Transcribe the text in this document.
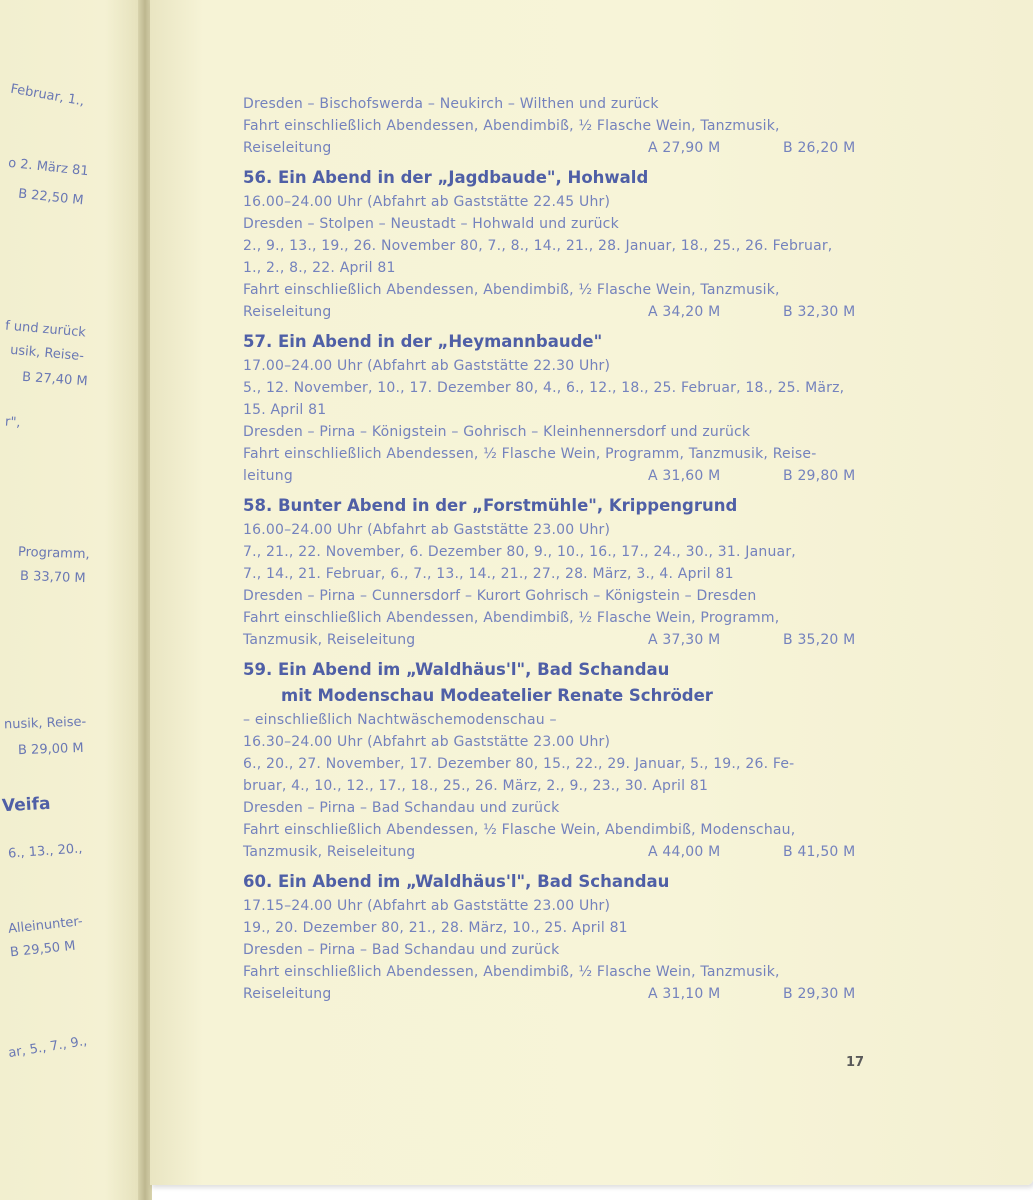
Februar, 1.,
o 2. März 81
B 22,50 M
f und zurück
usik, Reise-
B 27,40 M
r",
Programm,
B 33,70 M
nusik, Reise-
B 29,00 M
Veifa
6., 13., 20.,
Alleinunter-
B 29,50 M
ar, 5., 7., 9.,
Dresden – Bischofswerda – Neukirch – Wilthen und zurück
Fahrt einschließlich Abendessen, Abendimbiß, ½ Flasche Wein, Tanzmusik,
Reiseleitung	A 27,90 M	B 26,20 M
56. Ein Abend in der „Jagdbaude", Hohwald
16.00–24.00 Uhr (Abfahrt ab Gaststätte 22.45 Uhr)
Dresden – Stolpen – Neustadt – Hohwald und zurück
2., 9., 13., 19., 26. November 80, 7., 8., 14., 21., 28. Januar, 18., 25., 26. Februar,
1., 2., 8., 22. April 81
Fahrt einschließlich Abendessen, Abendimbiß, ½ Flasche Wein, Tanzmusik,
Reiseleitung	A 34,20 M	B 32,30 M
57. Ein Abend in der „Heymannbaude"
17.00–24.00 Uhr (Abfahrt ab Gaststätte 22.30 Uhr)
5., 12. November, 10., 17. Dezember 80, 4., 6., 12., 18., 25. Februar, 18., 25. März,
15. April 81
Dresden – Pirna – Königstein – Gohrisch – Kleinhennersdorf und zurück
Fahrt einschließlich Abendessen, ½ Flasche Wein, Programm, Tanzmusik, Reise-
leitung	A 31,60 M	B 29,80 M
58. Bunter Abend in der „Forstmühle", Krippengrund
16.00–24.00 Uhr (Abfahrt ab Gaststätte 23.00 Uhr)
7., 21., 22. November, 6. Dezember 80, 9., 10., 16., 17., 24., 30., 31. Januar,
7., 14., 21. Februar, 6., 7., 13., 14., 21., 27., 28. März, 3., 4. April 81
Dresden – Pirna – Cunnersdorf – Kurort Gohrisch – Königstein – Dresden
Fahrt einschließlich Abendessen, Abendimbiß, ½ Flasche Wein, Programm,
Tanzmusik, Reiseleitung	A 37,30 M	B 35,20 M
59. Ein Abend im „Waldhäus'l", Bad Schandau
mit Modenschau Modeatelier Renate Schröder
– einschließlich Nachtwäschemodenschau –
16.30–24.00 Uhr (Abfahrt ab Gaststätte 23.00 Uhr)
6., 20., 27. November, 17. Dezember 80, 15., 22., 29. Januar, 5., 19., 26. Fe-
bruar, 4., 10., 12., 17., 18., 25., 26. März, 2., 9., 23., 30. April 81
Dresden – Pirna – Bad Schandau und zurück
Fahrt einschließlich Abendessen, ½ Flasche Wein, Abendimbiß, Modenschau,
Tanzmusik, Reiseleitung	A 44,00 M	B 41,50 M
60. Ein Abend im „Waldhäus'l", Bad Schandau
17.15–24.00 Uhr (Abfahrt ab Gaststätte 23.00 Uhr)
19., 20. Dezember 80, 21., 28. März, 10., 25. April 81
Dresden – Pirna – Bad Schandau und zurück
Fahrt einschließlich Abendessen, Abendimbiß, ½ Flasche Wein, Tanzmusik,
Reiseleitung	A 31,10 M	B 29,30 M
17
